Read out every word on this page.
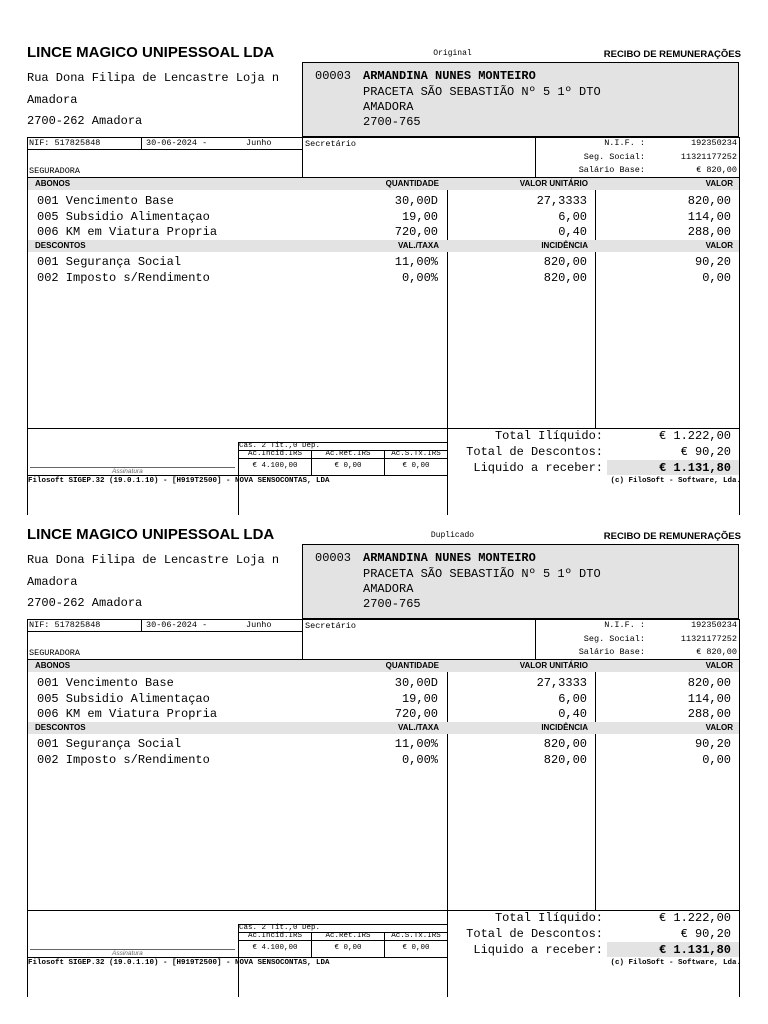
LINCE MAGICO UNIPESSOAL LDA	Original	RECIBO DE REMUNERAÇÕES
Rua Dona Filipa de Lencastre Loja n
Amadora
2700-262 Amadora
00003 ARMANDINA NUNES MONTEIRO
PRACETA SÃO SEBASTIÃO Nº 5 1º DTO
AMADORA
2700-765
NIF: 517825848	30-06-2024 -	Junho	Secretário
SEGURADORA
N.I.F. :	192350234
Seg. Social:	11321177252
Salário Base:	€ 820,00
ABONOS	QUANTIDADE	VALOR UNITÁRIO	VALOR
001 Vencimento Base	30,00D	27,3333	820,00
005 Subsidio Alimentaçao	19,00	6,00	114,00
006 KM em Viatura Propria	720,00	0,40	288,00
DESCONTOS	VAL./TAXA	INCIDÊNCIA	VALOR
001 Segurança Social	11,00%	820,00	90,20
002 Imposto s/Rendimento	0,00%	820,00	0,00
Cas. 2 Tit.,0 Dep.
Ac.Incid.IRS	Ac.Ret.IRS	Ac.S.Tx.IRS
€ 4.100,00	€ 0,00	€ 0,00
Assinatura
Total Ilíquido:	€ 1.222,00
Total de Descontos:	€ 90,20
Liquido a receber:	€ 1.131,80
Filosoft SIGEP.32 (19.0.1.10) - [H919T2500] - NOVA SENSOCONTAS, LDA	(c) FiloSoft - Software, Lda.
LINCE MAGICO UNIPESSOAL LDA	Duplicado	RECIBO DE REMUNERAÇÕES
Rua Dona Filipa de Lencastre Loja n
Amadora
2700-262 Amadora
00003 ARMANDINA NUNES MONTEIRO
PRACETA SÃO SEBASTIÃO Nº 5 1º DTO
AMADORA
2700-765
NIF: 517825848	30-06-2024 -	Junho	Secretário
SEGURADORA
N.I.F. :	192350234
Seg. Social:	11321177252
Salário Base:	€ 820,00
ABONOS	QUANTIDADE	VALOR UNITÁRIO	VALOR
001 Vencimento Base	30,00D	27,3333	820,00
005 Subsidio Alimentaçao	19,00	6,00	114,00
006 KM em Viatura Propria	720,00	0,40	288,00
DESCONTOS	VAL./TAXA	INCIDÊNCIA	VALOR
001 Segurança Social	11,00%	820,00	90,20
002 Imposto s/Rendimento	0,00%	820,00	0,00
Cas. 2 Tit.,0 Dep.
Ac.Incid.IRS	Ac.Ret.IRS	Ac.S.Tx.IRS
€ 4.100,00	€ 0,00	€ 0,00
Assinatura
Total Ilíquido:	€ 1.222,00
Total de Descontos:	€ 90,20
Liquido a receber:	€ 1.131,80
Filosoft SIGEP.32 (19.0.1.10) - [H919T2500] - NOVA SENSOCONTAS, LDA	(c) FiloSoft - Software, Lda.
